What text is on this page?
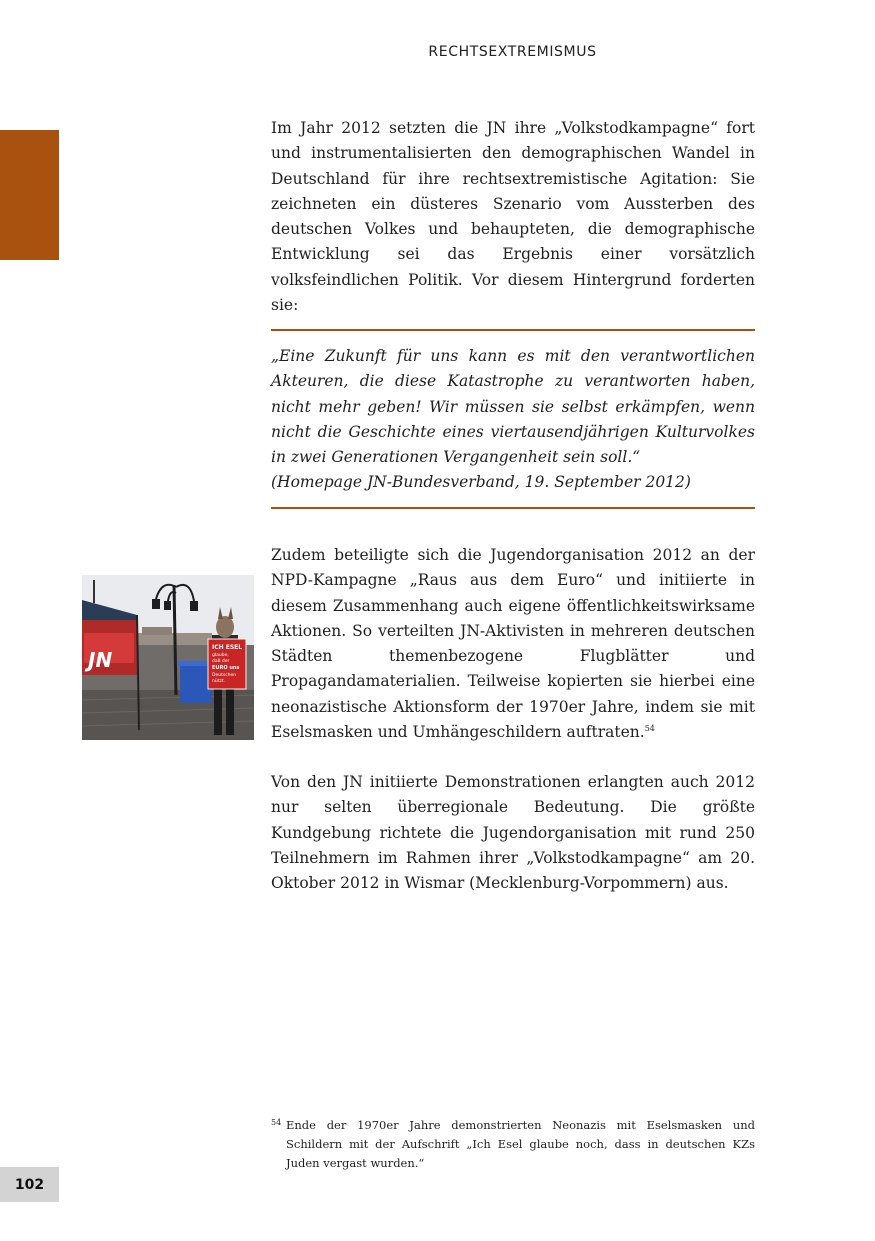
RECHTSEXTREMISMUS

Im Jahr 2012 setzten die JN ihre „Volkstodkampagne“ fort und instrumentalisierten den demographischen Wandel in Deutschland für ihre rechtsextremistische Agitation: Sie zeichneten ein düsteres Szenario vom Aussterben des deutschen Volkes und behaupteten, die demographische Entwicklung sei das Ergebnis einer vorsätzlich volksfeindlichen Politik. Vor diesem Hintergrund forderten sie:

„Eine Zukunft für uns kann es mit den verantwortlichen Akteuren, die diese Katastrophe zu verantworten haben, nicht mehr geben! Wir müssen sie selbst erkämpfen, wenn nicht die Geschichte eines viertausendjährigen Kulturvolkes in zwei Generationen Vergangenheit sein soll.“

(Homepage JN-Bundesverband, 19. September 2012)

JN
ICH ESEL
glaube,
daß der
EURO uns
Deutschen
nützt.

Zudem beteiligte sich die Jugendorganisation 2012 an der NPD-Kampagne „Raus aus dem Euro“ und initiierte in diesem Zusammenhang auch eigene öffentlichkeitswirksame Aktionen. So verteilten JN-Aktivisten in mehreren deutschen Städten themenbezogene Flugblätter und Propagandamaterialien. Teilweise kopierten sie hierbei eine neonazistische Aktionsform der 1970er Jahre, indem sie mit Eselsmasken und Umhängeschildern auftraten.$^{54}$

Von den JN initiierte Demonstrationen erlangten auch 2012 nur selten überregionale Bedeutung. Die größte Kundgebung richtete die Jugendorganisation mit rund 250 Teilnehmern im Rahmen ihrer „Volkstodkampagne“ am 20. Oktober 2012 in Wismar (Mecklenburg-Vorpommern) aus.

54 Ende der 1970er Jahre demonstrierten Neonazis mit Eselsmasken und Schildern mit der Aufschrift „Ich Esel glaube noch, dass in deutschen KZs Juden vergast wurden.“
102
